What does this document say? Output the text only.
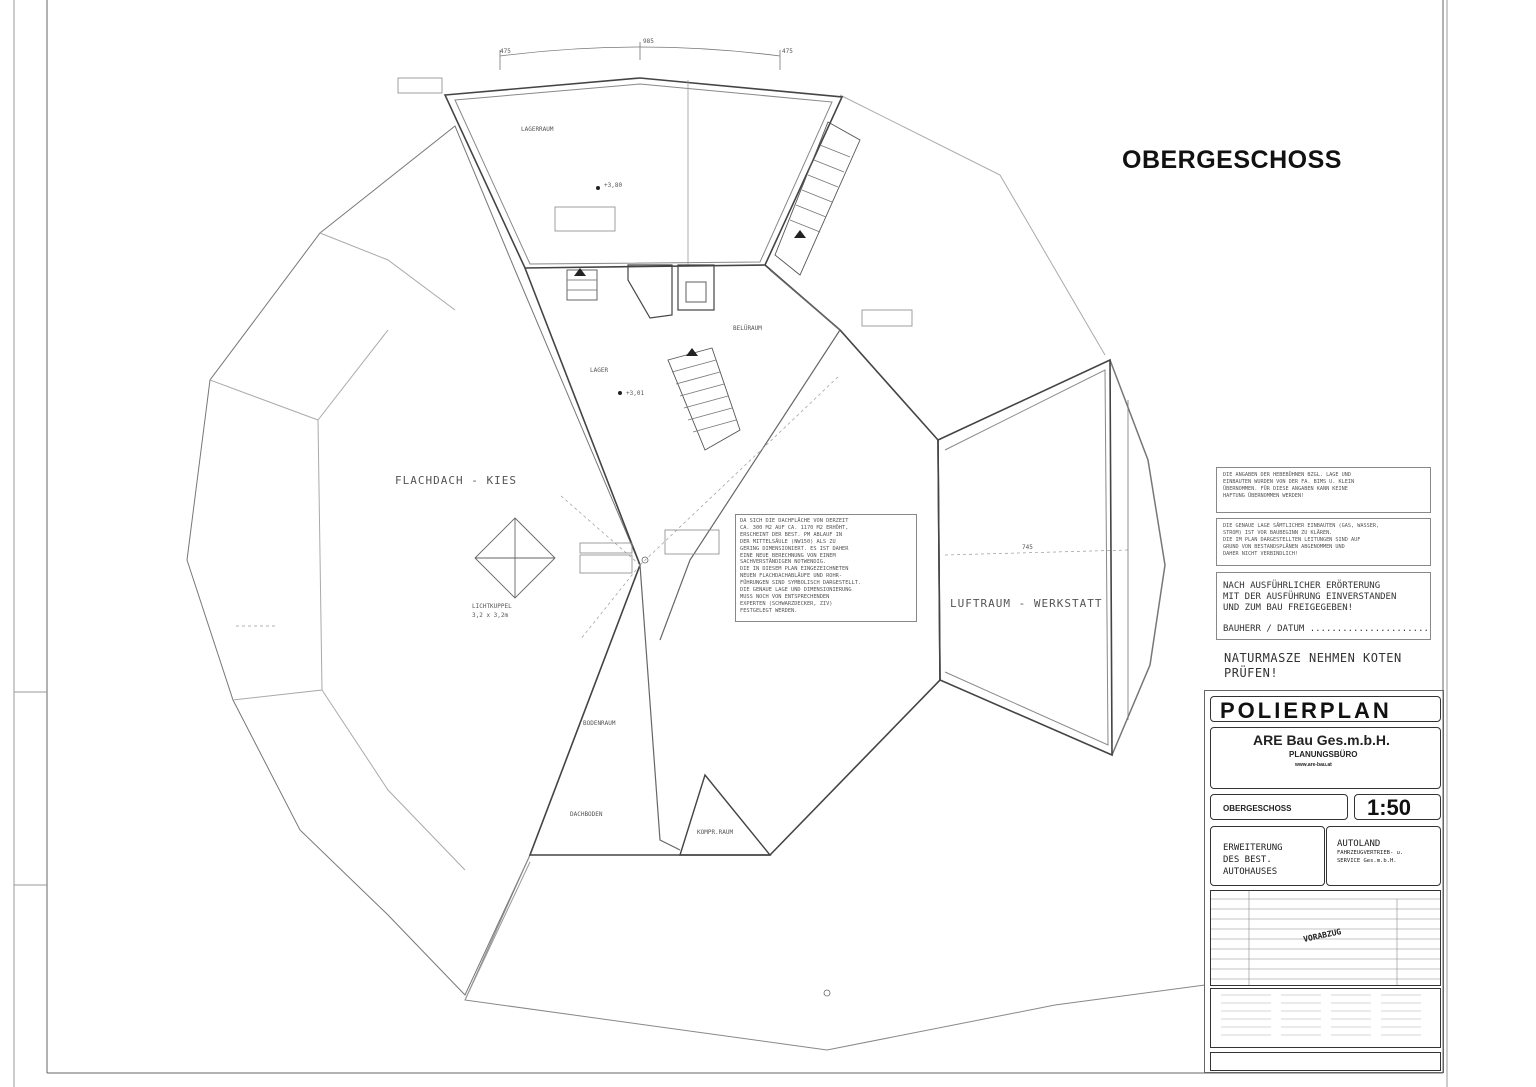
OBERGESCHOSS
475
985
475
745
LAGERRAUM
+3,80
LAGER
+3,01
BELÜRAUM
FLACHDACH - KIES
LICHTKUPPEL
3,2 x 3,2m
LUFTRAUM - WERKSTATT
BODENRAUM
DACHBODEN
KOMPR.RAUM
DA SICH DIE DACHFLÄCHE VON DERZEIT
CA. 300 M2 AUF CA. 1170 M2 ERHÖHT,
ERSCHEINT DER BEST. PM ABLAUF IN
DER MITTELSÄULE (NW150) ALS ZU
GERING DIMENSIONIERT. ES IST DAHER
EINE NEUE BERECHNUNG VON EINEM
SACHVERSTÄNDIGEN NOTWENDIG.
DIE IN DIESEM PLAN EINGEZEICHNETEN
NEUEN FLACHDACHABLÄUFE UND ROHR-
FÜHRUNGEN SIND SYMBOLISCH DARGESTELLT.
DIE GENAUE LAGE UND DIMENSIONIERUNG
MUSS NOCH VON ENTSPRECHENDEN
EXPERTEN (SCHWARZDECKER, ZIV)
FESTGELEGT WERDEN.
DIE ANGABEN DER HEBEBÜHNEN BZGL. LAGE UND
EINBAUTEN WURDEN VON DER FA. BIMS U. KLEIN
ÜBERNOMMEN. FÜR DIESE ANGABEN KANN KEINE
HAFTUNG ÜBERNOMMEN WERDEN!
DIE GENAUE LAGE SÄMTLICHER EINBAUTEN (GAS, WASSER,
STROM) IST VOR BAUBEGINN ZU KLÄREN.
DIE IM PLAN DARGESTELLTEN LEITUNGEN SIND AUF
GRUND VON BESTANDSPLÄNEN ABGENOMMEN UND
DAHER NICHT VERBINDLICH!
NACH AUSFÜHRLICHER ERÖRTERUNG
MIT DER AUSFÜHRUNG EINVERSTANDEN
UND ZUM BAU FREIGEGEBEN!
BAUHERR / DATUM ......................
NATURMASZE NEHMEN KOTEN
PRÜFEN!
POLIERPLAN
ARE Bau Ges.m.b.H.
PLANUNGSBÜRO
www.are-bau.at
OBERGESCHOSS	1:50
ERWEITERUNG
DES BEST.
AUTOHAUSES
AUTOLAND
FAHRZEUGVERTRIEB- u.
SERVICE Ges.m.b.H.
VORABZUG
